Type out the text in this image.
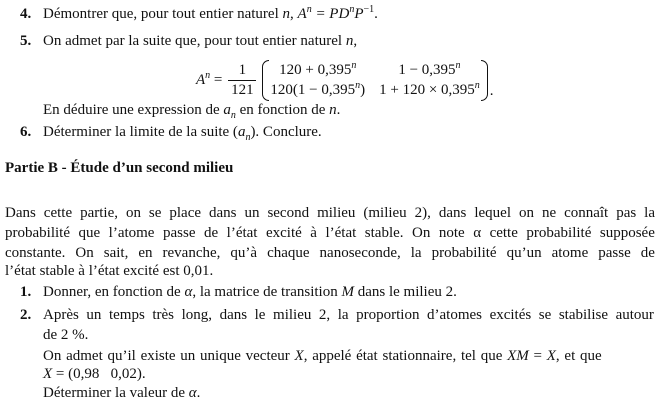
4. Démontrer que, pour tout entier naturel n, $A^n = PD^nP^{-1}$.
5. On admet par la suite que, pour tout entier naturel n,
$A^n = \frac{1}{121}$	$120 + 0,395^n$	$1 - 0,395^n$
$120(1 - 0,395^n)$ $1 + 120 \times 0,395^n$ .
En déduire une expression de $a_n$ en fonction de n.
6. Déterminer la limite de la suite $(a_n)$. Conclure.
Partie B - Étude d’un second milieu
Dans cette partie, on se place dans un second milieu (milieu 2), dans lequel on ne connaît pas la
probabilité que l’atome passe de l’état excité à l’état stable. On note α cette probabilité supposée
constante. On sait, en revanche, qu’à chaque nanoseconde, la probabilité qu’un atome passe de
l’état stable à l’état excité est 0,01.
1. Donner, en fonction de α, la matrice de transition M dans le milieu 2.
2. Après un temps très long, dans le milieu 2, la proportion d’atomes excités se stabilise autour
de 2 %.
On admet qu’il existe un unique vecteur X, appelé état stationnaire, tel que XM = X, et que
X = (0,98   0,02).
Déterminer la valeur de α.
